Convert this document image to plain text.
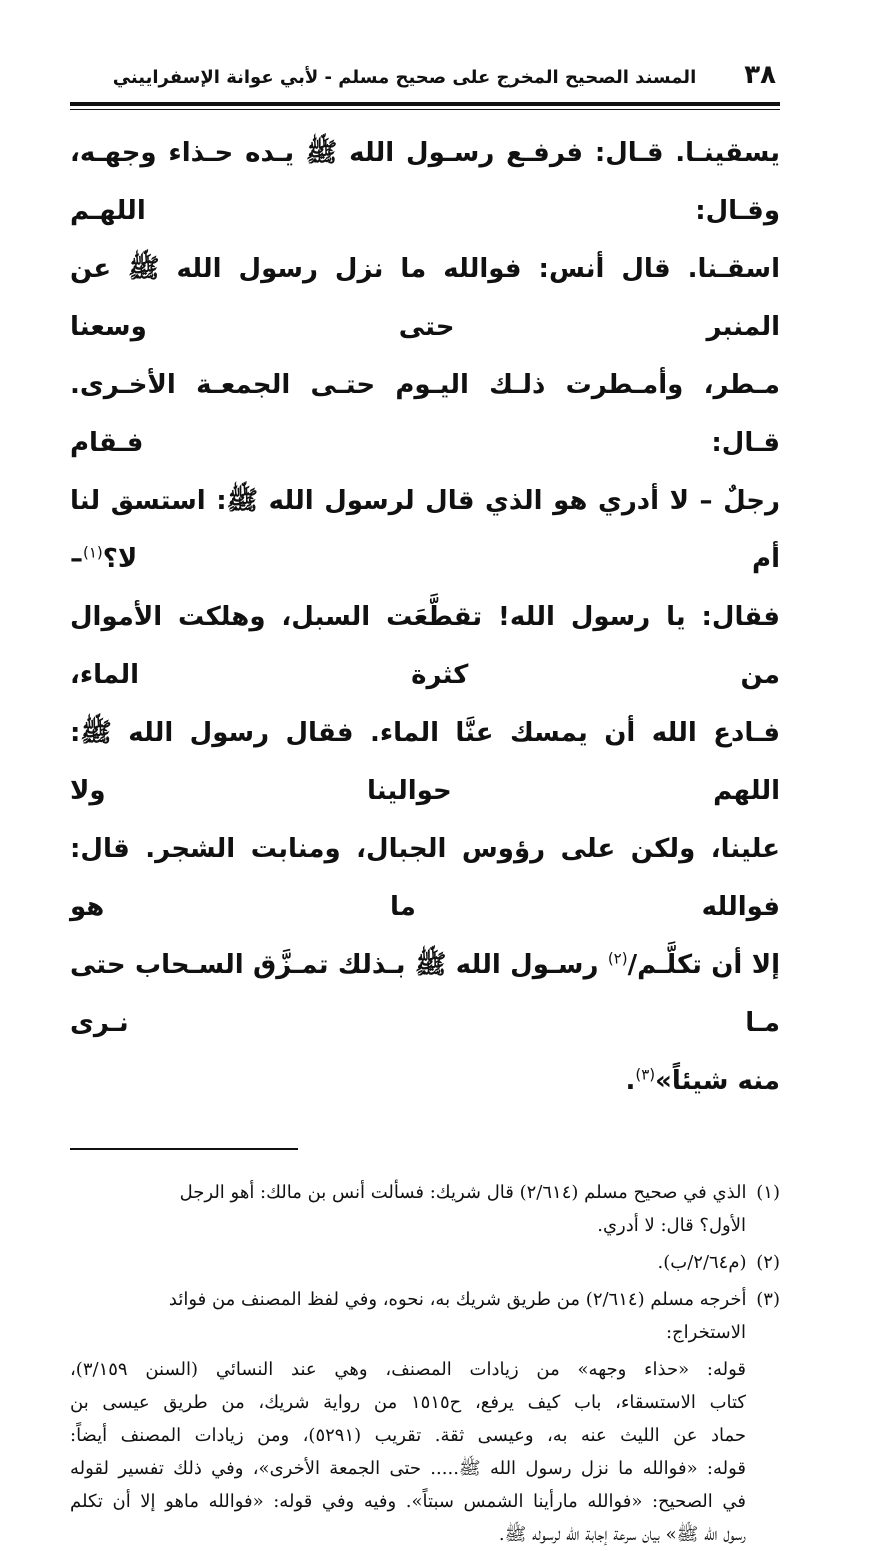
٣٨
المسند الصحيح المخرج على صحيح مسلم - لأبي عوانة الإسفراييني
يسقينـا. قـال: فرفـع رسـول الله ﷺ يـده حـذاء وجهـه، وقـال: اللهـم
اسقـنا. قال أنس: فوالله ما نزل رسول الله ﷺ عن المنبر حتى وسعنا
مـطر، وأمـطرت ذلـك اليـوم حتـى الجمعـة الأخـرى. قـال: فـقام
رجلٌ – لا أدري هو الذي قال لرسول الله ﷺ: استسق لنا أم لا؟$^{(١)}$–
فقال: يا رسول الله! تقطَّعَت السبل، وهلكت الأموال من كثرة الماء،
فـادع الله أن يمسك عنَّا الماء. فقال رسول الله ﷺ: اللهم حوالينا ولا
علينا، ولكن على رؤوس الجبال، ومنابت الشجر. قال: فوالله ما هو
إلا أن تكلَّـم/$^{(٢)}$ رسـول الله ﷺ بـذلك تمـزَّق السـحاب حتى مـا نـرى
منه شيئاً»$^{(٣)}$.
(١) الذي في صحيح مسلم (٢/٦١٤) قال شريك: فسألت أنس بن مالك: أهو الرجل
الأول؟ قال: لا أدري.
(٢) (م٢/٦٤/ب).
(٣) أخرجه مسلم (٢/٦١٤) من طريق شريك به، نحوه، وفي لفظ المصنف من فوائد
الاستخراج:
قوله: «حذاء وجهه» من زيادات المصنف، وهي عند النسائي (السنن ٣/١٥٩)،
كتاب الاستسقاء، باب كيف يرفع، ح١٥١٥ من رواية شريك، من طريق عيسى بن
حماد عن الليث عنه به، وعيسى ثقة. تقريب (٥٢٩١)، ومن زيادات المصنف أيضاً:
قوله: «فوالله ما نزل رسول الله ﷺ..... حتى الجمعة الأخرى»، وفي ذلك تفسير لقوله
في الصحيح: «فوالله مارأينا الشمس سبتاً». وفيه وفي قوله: «فوالله ماهو إلا أن تكلم
رسول الله ﷺ» بيان سرعة إجابة الله لرسوله ﷺ.
